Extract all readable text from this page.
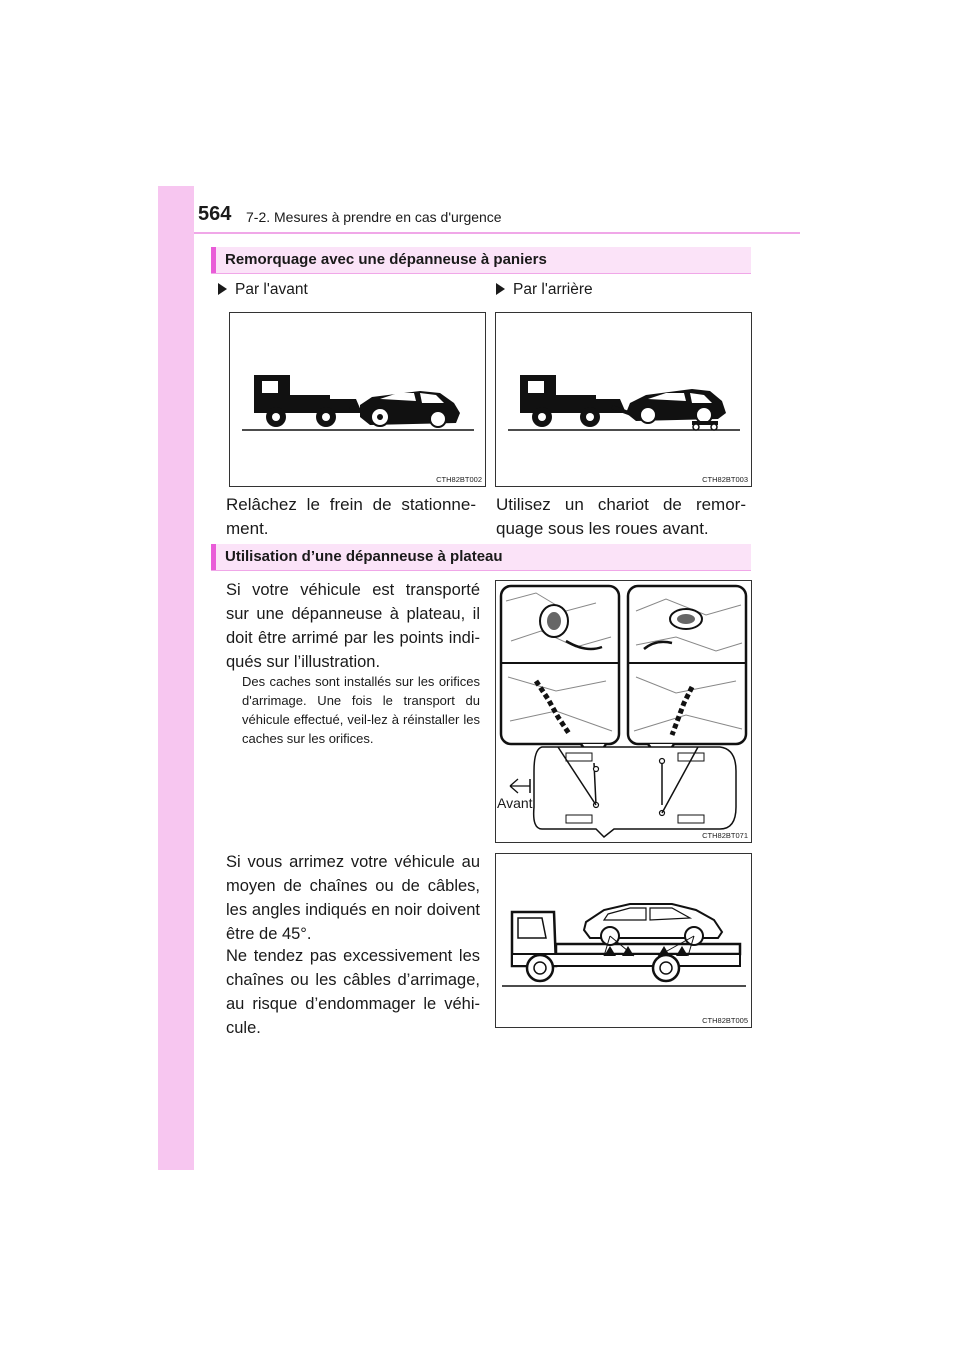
564 7-2. Mesures à prendre en cas d'urgence
Remorquage avec une dépanneuse à paniers
Par l'avant	Par l'arrière
CTH82BT002	CTH82BT003
Relâchez le frein de stationne-ment.
Utilisez un chariot de remor-quage sous les roues avant.
Utilisation d’une dépanneuse à plateau
Si votre véhicule est transporté sur une dépanneuse à plateau, il doit être arrimé par les points indi-qués sur l’illustration.
Des caches sont installés sur les orifices d'arrimage. Une fois le transport du véhicule effectué, veil-lez à réinstaller les caches sur les orifices.
Avant
CTH82BT071
Si vous arrimez votre véhicule au moyen de chaînes ou de câbles, les angles indiqués en noir doivent être de 45°.
Ne tendez pas excessivement les chaînes ou les câbles d’arrimage, au risque d’endommager le véhi-cule.	CTH82BT005
